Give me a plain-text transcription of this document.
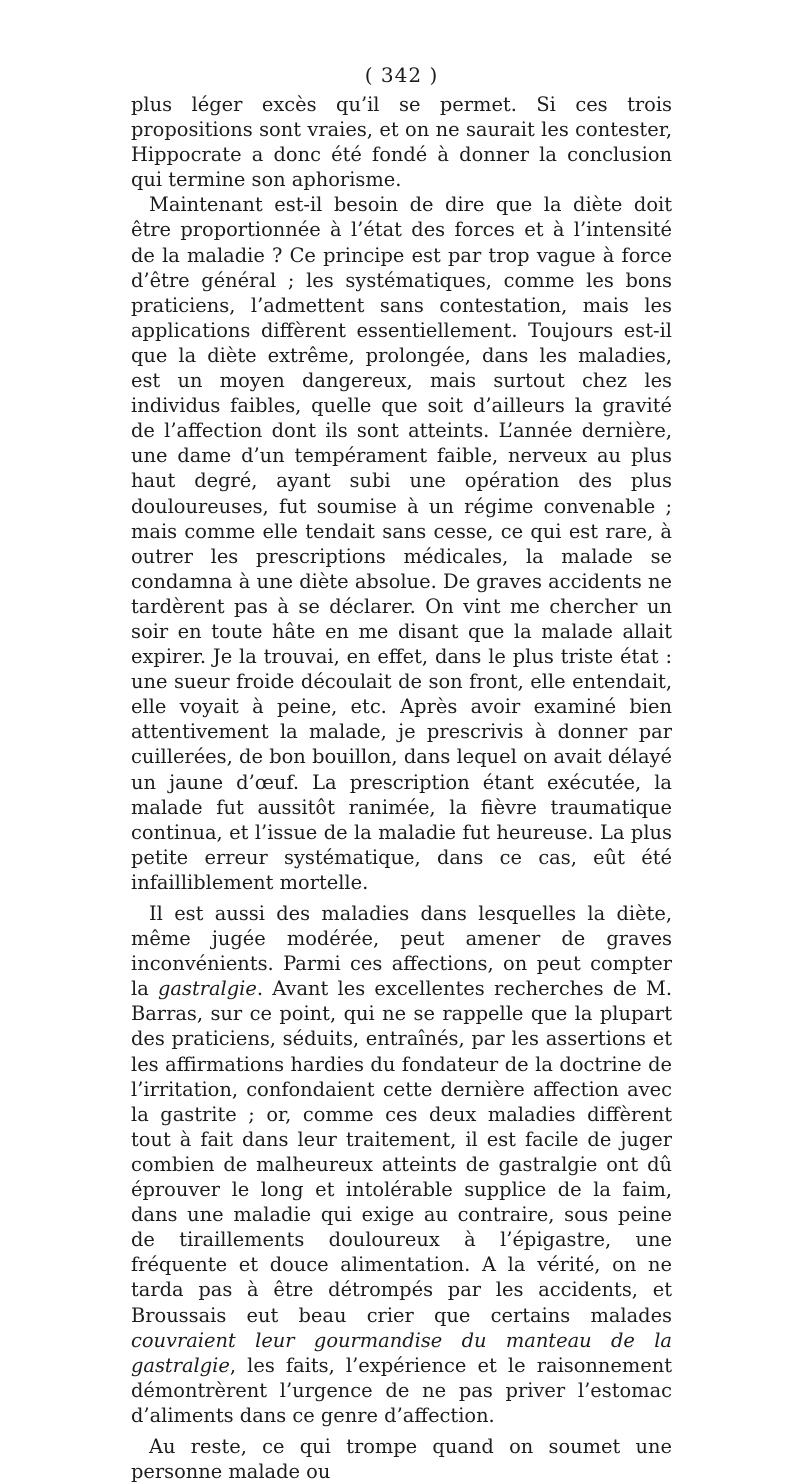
( 342 )

plus léger excès qu’il se permet. Si ces trois propositions sont vraies, et on ne saurait les contester, Hippocrate a donc été fondé à donner la conclusion qui termine son aphorisme.

Maintenant est-il besoin de dire que la diète doit être proportionnée à l’état des forces et à l’intensité de la maladie ? Ce principe est par trop vague à force d’être général ; les systématiques, comme les bons praticiens, l’admettent sans contestation, mais les applications diffèrent essentiellement. Toujours est-il que la diète extrême, prolongée, dans les maladies, est un moyen dangereux, mais surtout chez les individus faibles, quelle que soit d’ailleurs la gravité de l’affection dont ils sont atteints. L’année dernière, une dame d’un tempérament faible, nerveux au plus haut degré, ayant subi une opération des plus douloureuses, fut soumise à un régime convenable ; mais comme elle tendait sans cesse, ce qui est rare, à outrer les prescriptions médicales, la malade se condamna à une diète absolue. De graves accidents ne tardèrent pas à se déclarer. On vint me chercher un soir en toute hâte en me disant que la malade allait expirer. Je la trouvai, en effet, dans le plus triste état : une sueur froide découlait de son front, elle entendait, elle voyait à peine, etc. Après avoir examiné bien attentivement la malade, je prescrivis à donner par cuillerées, de bon bouillon, dans lequel on avait délayé un jaune d’œuf. La prescription étant exécutée, la malade fut aussitôt ranimée, la fièvre traumatique continua, et l’issue de la maladie fut heureuse. La plus petite erreur systématique, dans ce cas, eût été infailliblement mortelle.

Il est aussi des maladies dans lesquelles la diète, même jugée modérée, peut amener de graves inconvénients. Parmi ces affections, on peut compter la gastralgie. Avant les excellentes recherches de M. Barras, sur ce point, qui ne se rappelle que la plupart des praticiens, séduits, entraînés, par les assertions et les affirmations hardies du fondateur de la doctrine de l’irritation, confondaient cette dernière affection avec la gastrite ; or, comme ces deux maladies diffèrent tout à fait dans leur traitement, il est facile de juger combien de malheureux atteints de gastralgie ont dû éprouver le long et intolérable supplice de la faim, dans une maladie qui exige au contraire, sous peine de tiraillements douloureux à l’épigastre, une fréquente et douce alimentation. A la vérité, on ne tarda pas à être détrompés par les accidents, et Broussais eut beau crier que certains malades couvraient leur gourmandise du manteau de la gastralgie, les faits, l’expérience et le raisonnement démontrèrent l’urgence de ne pas priver l’estomac d’aliments dans ce genre d’affection.

Au reste, ce qui trompe quand on soumet une personne malade ou
